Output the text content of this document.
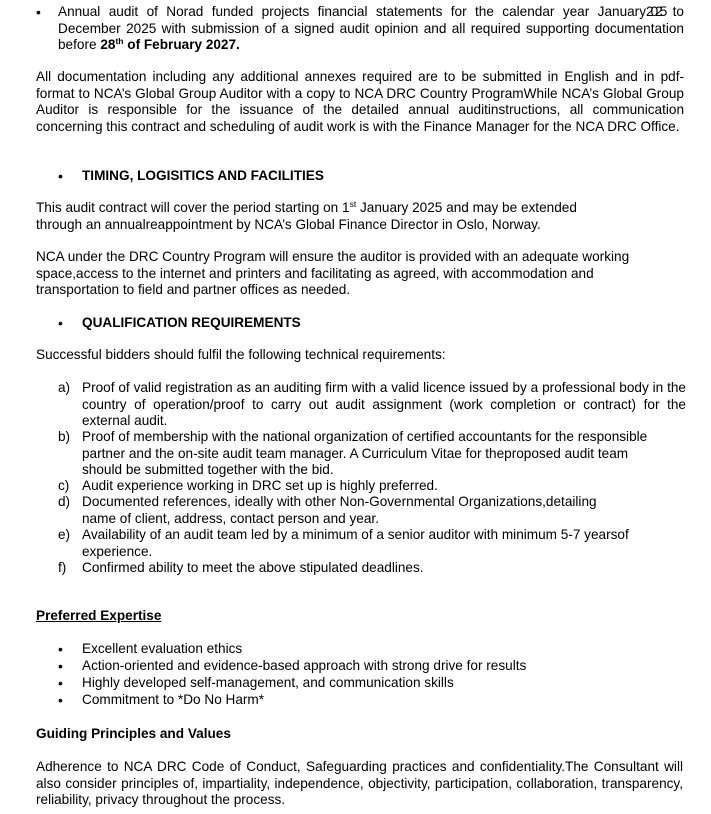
• Annual audit of Norad funded projects financial statements for the calendar year January2025 to December 2025 with submission of a signed audit opinion and all required supporting documentation before 28th of February 2027.
All documentation including any additional annexes required are to be submitted in English and in pdf-format to NCA’s Global Group Auditor with a copy to NCA DRC Country ProgramWhile NCA’s Global Group Auditor is responsible for the issuance of the detailed annual auditinstructions, all communication concerning this contract and scheduling of audit work is with the Finance Manager for the NCA DRC Office.
• TIMING, LOGISITICS AND FACILITIES
This audit contract will cover the period starting on 1st January 2025 and may be extended
through an annualreappointment by NCA’s Global Finance Director in Oslo, Norway.
NCA under the DRC Country Program will ensure the auditor is provided with an adequate working
space,access to the internet and printers and facilitating as agreed, with accommodation and
transportation to field and partner offices as needed.
• QUALIFICATION REQUIREMENTS
Successful bidders should fulfil the following technical requirements:
a) Proof of valid registration as an auditing firm with a valid licence issued by a professional body in the country of operation/proof to carry out audit assignment (work completion or contract) for the external audit.
b) Proof of membership with the national organization of certified accountants for the responsible partner and the on-site audit team manager. A Curriculum Vitae for theproposed audit team should be submitted together with the bid.
c) Audit experience working in DRC set up is highly preferred.
d) Documented references, ideally with other Non-Governmental Organizations,detailing
name of client, address, contact person and year.
e) Availability of an audit team led by a minimum of a senior auditor with minimum 5-7 yearsof experience.
f)	Confirmed ability to meet the above stipulated deadlines.
Preferred Expertise
• Excellent evaluation ethics
• Action-oriented and evidence-based approach with strong drive for results
• Highly developed self-management, and communication skills
• Commitment to *Do No Harm*
Guiding Principles and Values
Adherence to NCA DRC Code of Conduct, Safeguarding practices and confidentiality.The Consultant will also consider principles of, impartiality, independence, objectivity, participation, collaboration, transparency, reliability, privacy throughout the process.
